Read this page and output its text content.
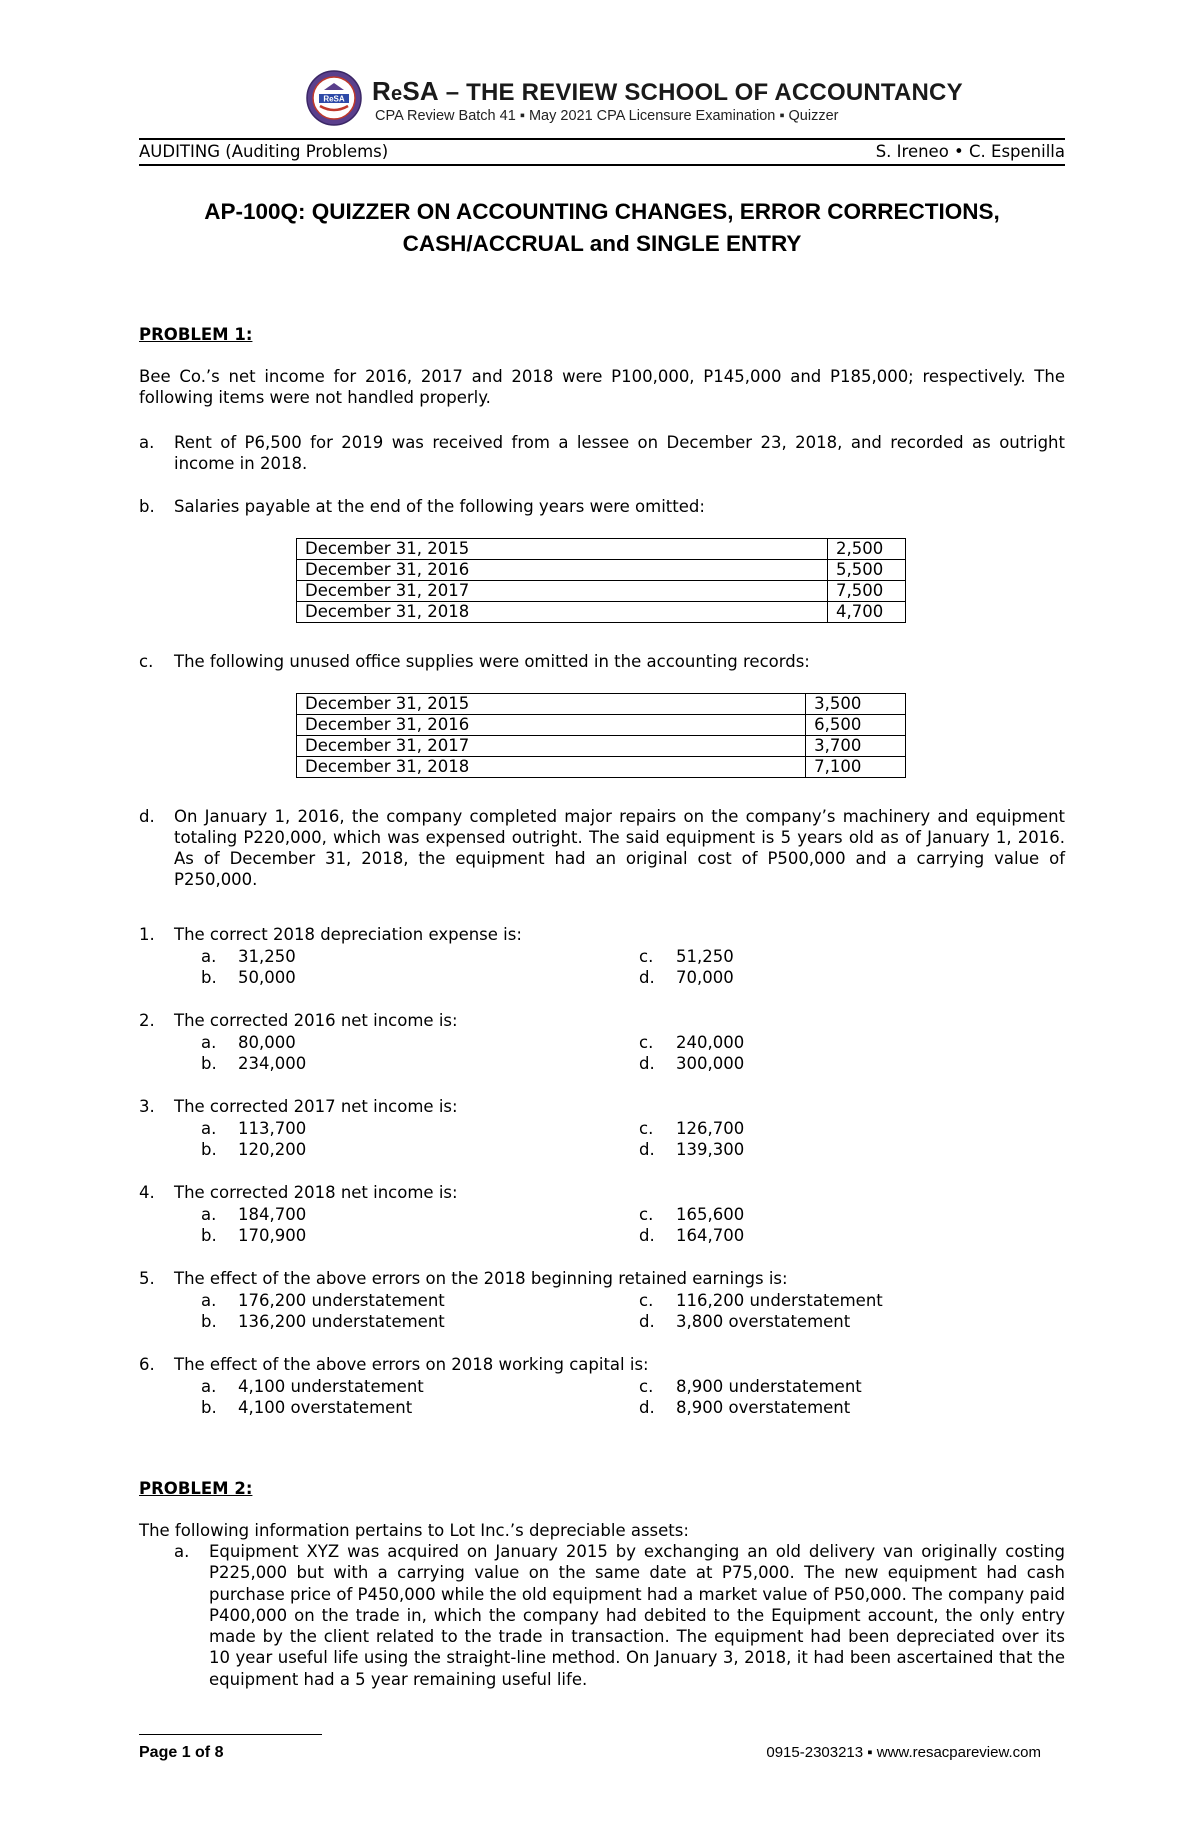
ReSA ReSA – THE REVIEW SCHOOL OF ACCOUNTANCY
CPA Review Batch 41 ▪ May 2021 CPA Licensure Examination ▪ Quizzer
AUDITING (Auditing Problems)	S. Ireneo • C. Espenilla
AP-100Q: QUIZZER ON ACCOUNTING CHANGES, ERROR CORRECTIONS,
CASH/ACCRUAL and SINGLE ENTRY
PROBLEM 1:
Bee Co.’s net income for 2016, 2017 and 2018 were P100,000, P145,000 and P185,000; respectively. The following items were not handled properly.
a. Rent of P6,500 for 2019 was received from a lessee on December 23, 2018, and recorded as outright income in 2018.
b. Salaries payable at the end of the following years were omitted:
December 31, 2015	2,500
December 31, 2016	5,500
December 31, 2017	7,500
December 31, 2018	4,700
c. The following unused office supplies were omitted in the accounting records:
December 31, 2015	3,500
December 31, 2016	6,500
December 31, 2017	3,700
December 31, 2018	7,100
d. On January 1, 2016, the company completed major repairs on the company’s machinery and equipment totaling P220,000, which was expensed outright. The said equipment is 5 years old as of January 1, 2016. As of December 31, 2018, the equipment had an original cost of P500,000 and a carrying value of P250,000.
1. The correct 2018 depreciation expense is:
a. 31,250
b. 50,000
c. 51,250
d. 70,000
2. The corrected 2016 net income is:
a. 80,000
b. 234,000
c. 240,000
d. 300,000
3. The corrected 2017 net income is:
a. 113,700
b. 120,200
c. 126,700
d. 139,300
4. The corrected 2018 net income is:
a. 184,700
b. 170,900
c. 165,600
d. 164,700
5. The effect of the above errors on the 2018 beginning retained earnings is:
a. 176,200 understatement
b. 136,200 understatement
c. 116,200 understatement
d. 3,800 overstatement
6. The effect of the above errors on 2018 working capital is:
a. 4,100 understatement
b. 4,100 overstatement
c. 8,900 understatement
d. 8,900 overstatement
PROBLEM 2:
The following information pertains to Lot Inc.’s depreciable assets:
a. Equipment XYZ was acquired on January 2015 by exchanging an old delivery van originally costing P225,000 but with a carrying value on the same date at P75,000. The new equipment had cash purchase price of P450,000 while the old equipment had a market value of P50,000. The company paid P400,000 on the trade in, which the company had debited to the Equipment account, the only entry made by the client related to the trade in transaction. The equipment had been depreciated over its 10 year useful life using the straight-line method. On January 3, 2018, it had been ascertained that the equipment had a 5 year remaining useful life.
Page 1 of 8	0915-2303213 ▪ www.resacpareview.com
